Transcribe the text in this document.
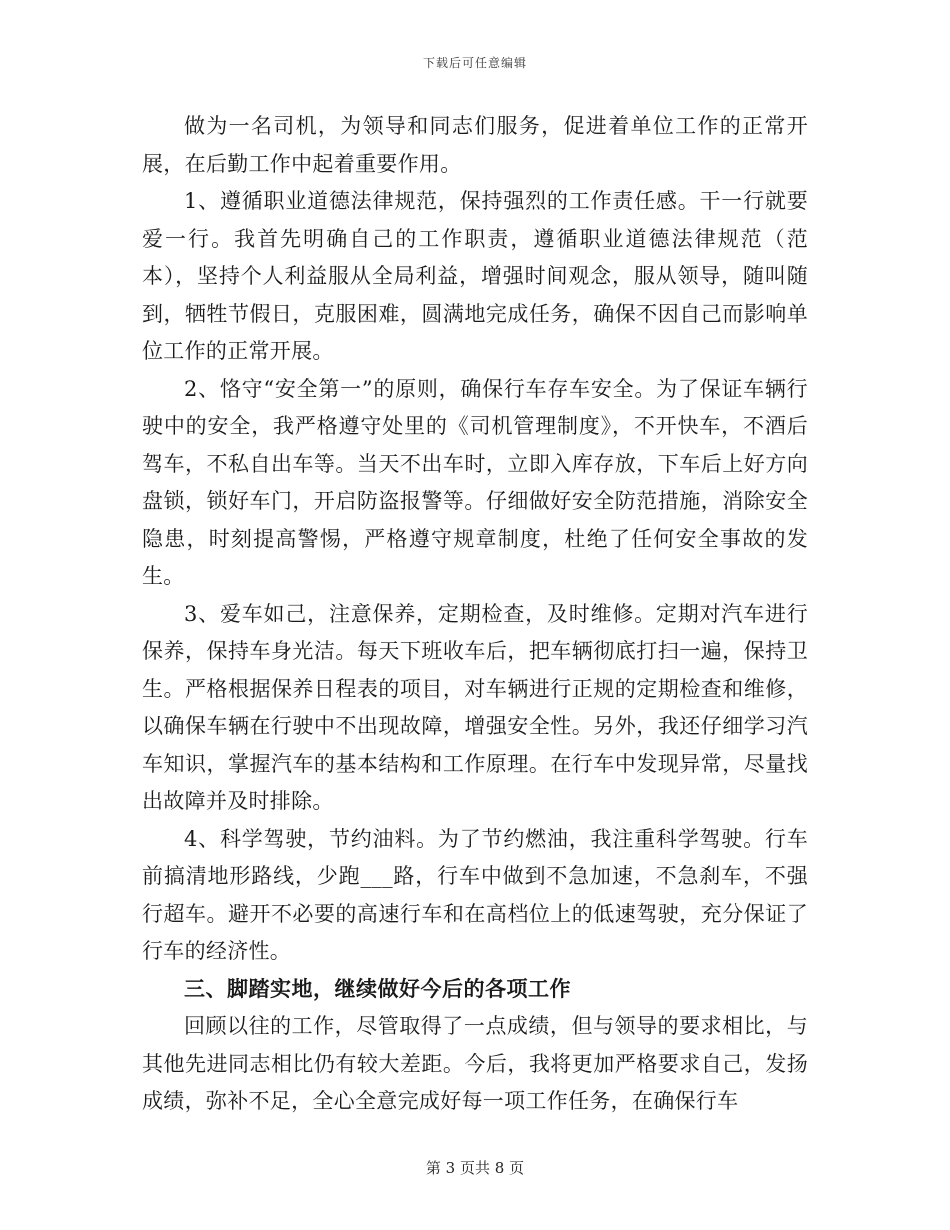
下载后可任意编辑

做为一名司机，为领导和同志们服务，促进着单位工作的正常开展，在后勤工作中起着重要作用。

1、遵循职业道德法律规范，保持强烈的工作责任感。干一行就要爱一行。我首先明确自己的工作职责，遵循职业道德法律规范（范本），坚持个人利益服从全局利益，增强时间观念，服从领导，随叫随到，牺牲节假日，克服困难，圆满地完成任务，确保不因自己而影响单位工作的正常开展。

2、恪守“安全第一”的原则，确保行车存车安全。为了保证车辆行驶中的安全，我严格遵守处里的《司机管理制度》，不开快车，不酒后驾车，不私自出车等。当天不出车时，立即入库存放，下车后上好方向盘锁，锁好车门，开启防盗报警等。仔细做好安全防范措施，消除安全隐患，时刻提高警惕，严格遵守规章制度，杜绝了任何安全事故的发生。

3、爱车如己，注意保养，定期检查，及时维修。定期对汽车进行保养，保持车身光洁。每天下班收车后，把车辆彻底打扫一遍，保持卫生。严格根据保养日程表的项目，对车辆进行正规的定期检查和维修，以确保车辆在行驶中不出现故障，增强安全性。另外，我还仔细学习汽车知识，掌握汽车的基本结构和工作原理。在行车中发现异常，尽量找出故障并及时排除。

4、科学驾驶，节约油料。为了节约燃油，我注重科学驾驶。行车前搞清地形路线，少跑___路，行车中做到不急加速，不急刹车，不强行超车。避开不必要的高速行车和在高档位上的低速驾驶，充分保证了行车的经济性。

三、脚踏实地，继续做好今后的各项工作

回顾以往的工作，尽管取得了一点成绩，但与领导的要求相比，与其他先进同志相比仍有较大差距。今后，我将更加严格要求自己，发扬成绩，弥补不足，全心全意完成好每一项工作任务，在确保行车

第 3 页共 8 页
